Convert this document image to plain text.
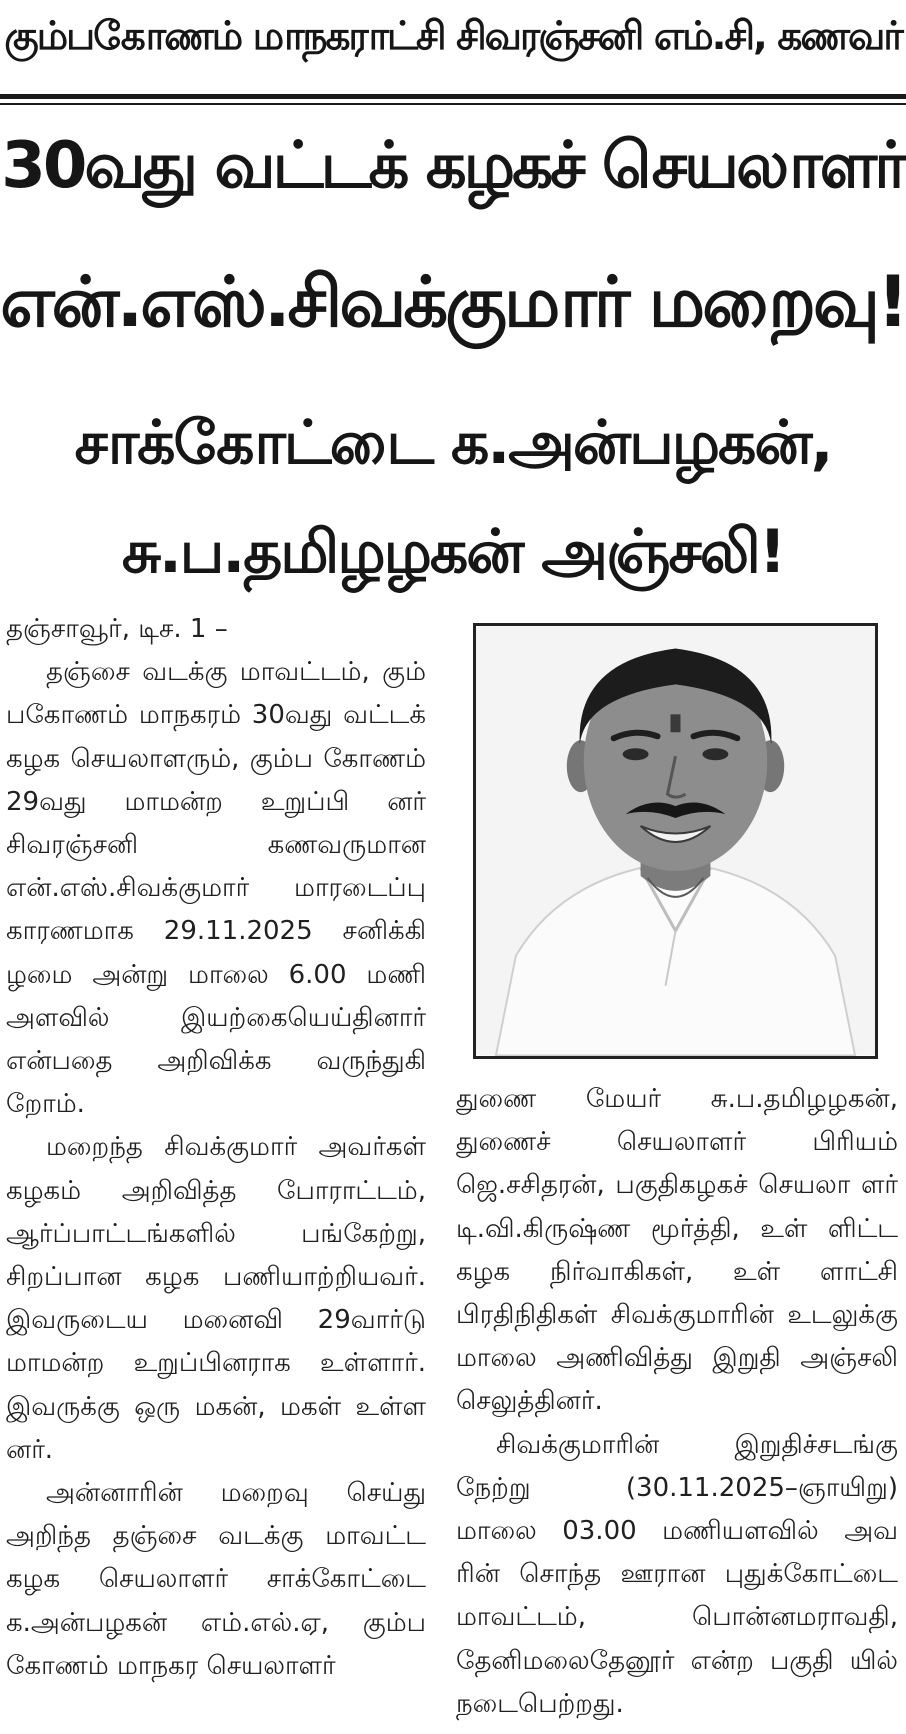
கும்பகோணம் மாநகராட்சி சிவரஞ்சனி எம்.சி, கணவர்
30வது வட்டக் கழகச் செயலாளர்
என்.எஸ்.சிவக்குமார் மறைவு!
சாக்கோட்டை க.அன்பழகன்,
சு.ப.தமிழழகன் அஞ்சலி!

தஞ்சாவூர், டிச. 1 –

தஞ்சை வடக்கு மாவட்டம், கும் பகோணம் மாநகரம் 30வது வட்டக் கழக செயலாளரும், கும்ப கோணம் 29வது மாமன்ற உறுப்பி னர் சிவரஞ்சனி கணவருமான என்.எஸ்.சிவக்குமார் மாரடைப்பு காரணமாக 29.11.2025 சனிக்கி ழமை அன்று மாலை 6.00 மணி அளவில் இயற்கையெய்தினார் என்பதை அறிவிக்க வருந்துகி றோம்.

மறைந்த சிவக்குமார் அவர்கள் கழகம் அறிவித்த போராட்டம், ஆர்ப்பாட்டங்களில் பங்கேற்று, சிறப்பான கழக பணியாற்றியவர். இவருடைய மனைவி 29வார்டு மாமன்ற உறுப்பினராக உள்ளார். இவருக்கு ஒரு மகன், மகள் உள்ள னர்.

அன்னாரின் மறைவு செய்து அறிந்த தஞ்சை வடக்கு மாவட்ட கழக செயலாளர் சாக்கோட்டை க.அன்பழகன் எம்.எல்.ஏ, கும்ப கோணம் மாநகர செயலாளர்

துணை மேயர் சு.ப.தமிழழகன், துணைச் செயலாளர் பிரியம் ஜெ.சசிதரன், பகுதிகழகச் செயலா ளர் டி.வி.கிருஷ்ண மூர்த்தி, உள் ளிட்ட கழக நிர்வாகிகள், உள் ளாட்சி பிரதிநிதிகள் சிவக்குமாரின் உடலுக்கு மாலை அணிவித்து இறுதி அஞ்சலி செலுத்தினர்.

சிவக்குமாரின் இறுதிச்சடங்கு நேற்று (30.11.2025–ஞாயிறு) மாலை 03.00 மணியளவில் அவ ரின் சொந்த ஊரான புதுக்கோட்டை மாவட்டம், பொன்னமராவதி, தேனிமலைதேனூர் என்ற பகுதி யில் நடைபெற்றது.
